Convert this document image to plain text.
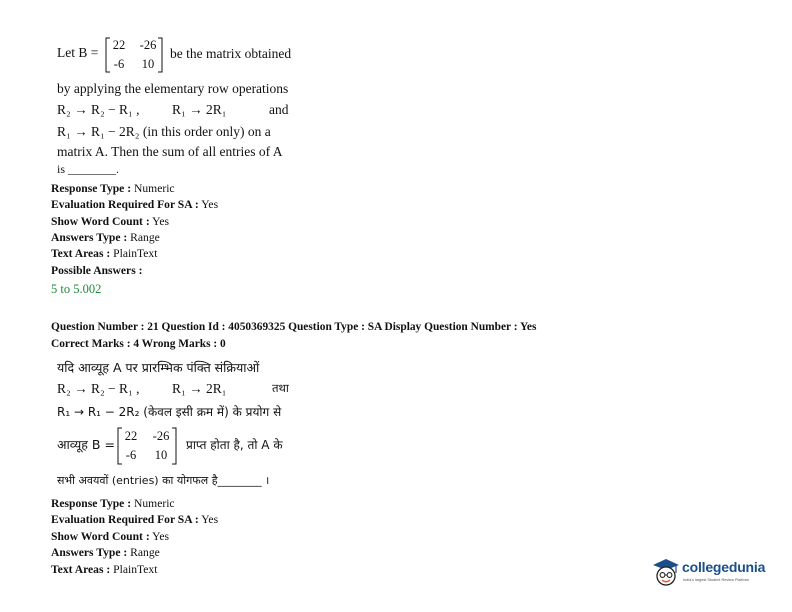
Let B =	22	-26
-6	10
be the matrix obtained
by applying the elementary row operations
R₂ → R₂ − R₁ , R₁ → 2R₁	and
R₁ → R₁ − 2R₂ (in this order only) on a
matrix A. Then the sum of all entries of A
is ________.
Response Type : Numeric
Evaluation Required For SA : Yes
Show Word Count : Yes
Answers Type : Range
Text Areas : PlainText
Possible Answers :
5 to 5.002
Question Number : 21 Question Id : 4050369325 Question Type : SA Display Question Number : Yes
Correct Marks : 4 Wrong Marks : 0
यदि आव्यूह A पर प्रारम्भिक पंक्ति संक्रियाओं
R₂ → R₂ − R₁ , R₁ → 2R₁	तथा
R₁ → R₁ − 2R₂ (केवल इसी क्रम में) के प्रयोग से
आव्यूह B =
22	-26
-6	10
प्राप्त होता है, तो A के
सभी अवयवों (entries) का योगफल है________ ।
Response Type : Numeric
Evaluation Required For SA : Yes
Show Word Count : Yes
Answers Type : Range
Text Areas : PlainText	collegedunia
India's largest Student Review Platform
